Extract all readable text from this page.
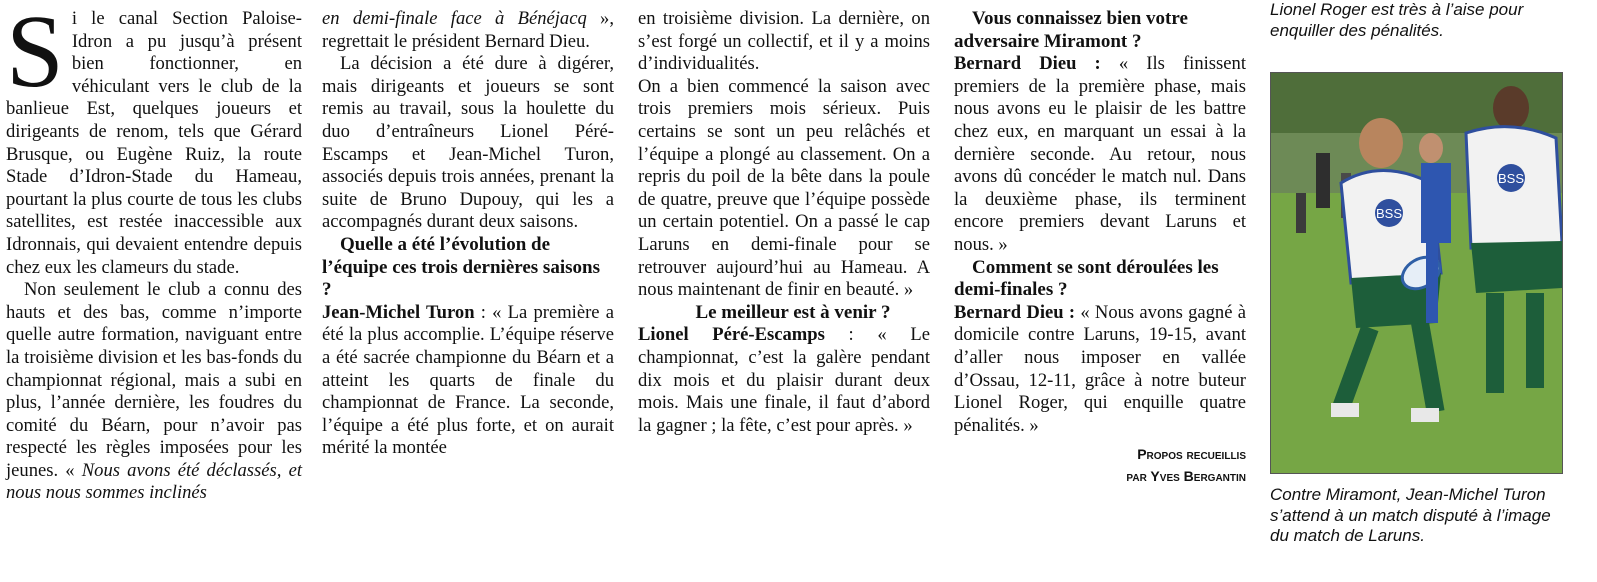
Si le canal Section Paloise-Idron a pu jusqu’à présent bien fonctionner, en véhiculant vers le club de la banlieue Est, quelques joueurs et dirigeants de renom, tels que Gérard Brusque, ou Eugène Ruiz, la route Stade d’Idron-Stade du Hameau, pourtant la plus courte de tous les clubs satellites, est restée inaccessible aux Idronnais, qui devaient entendre depuis chez eux les clameurs du stade.

Non seulement le club a connu des hauts et des bas, comme n’importe quelle autre formation, naviguant entre la troisième division et les bas-fonds du championnat régional, mais a subi en plus, l’année dernière, les foudres du comité du Béarn, pour n’avoir pas respecté les règles imposées pour les jeunes. « Nous avons été déclassés, et nous nous sommes inclinés

en demi-finale face à Bénéjacq », regrettait le président Bernard Dieu.

La décision a été dure à digérer, mais dirigeants et joueurs se sont remis au travail, sous la houlette du duo d’entraîneurs Lionel Péré-Escamps et Jean-Michel Turon, associés depuis trois années, prenant la suite de Bruno Dupouy, qui les a accompagnés durant deux saisons.

Quelle a été l’évolution de l’équipe ces trois dernières saisons ?

Jean-Michel Turon : « La première a été la plus accomplie. L’équipe réserve a été sacrée championne du Béarn et a atteint les quarts de finale du championnat de France. La seconde, l’équipe a été plus forte, et on aurait mérité la montée

en troisième division. La dernière, on s’est forgé un collectif, et il y a moins d’individualités.

On a bien commencé la saison avec trois premiers mois sérieux. Puis certains se sont un peu relâchés et l’équipe a plongé au classement. On a repris du poil de la bête dans la poule de quatre, preuve que l’équipe possède un certain potentiel. On a passé le cap Laruns en demi-finale pour se retrouver aujourd’hui au Hameau. A nous maintenant de finir en beauté. »

Le meilleur est à venir ?

Lionel Péré-Escamps : « Le championnat, c’est la galère pendant dix mois et du plaisir durant deux mois. Mais une finale, il faut d’abord la gagner ; la fête, c’est pour après. »

Vous connaissez bien votre adversaire Miramont ?

Bernard Dieu : « Ils finissent premiers de la première phase, mais nous avons eu le plaisir de les battre chez eux, en marquant un essai à la dernière seconde. Au retour, nous avons dû concéder le match nul. Dans la deuxième phase, ils terminent encore premiers devant Laruns et nous. »

Comment se sont déroulées les demi-finales ?

Bernard Dieu : « Nous avons gagné à domicile contre Laruns, 19-15, avant d’aller nous imposer en vallée d’Ossau, 12-11, grâce à notre buteur Lionel Roger, qui enquille quatre pénalités. »

Propos recueillis
par Yves Bergantin
Lionel Roger est très à l’aise pour enquiller des pénalités.
BSS
BSS
Contre Miramont, Jean-Michel Turon s’attend à un match disputé à l’image du match de Laruns.
